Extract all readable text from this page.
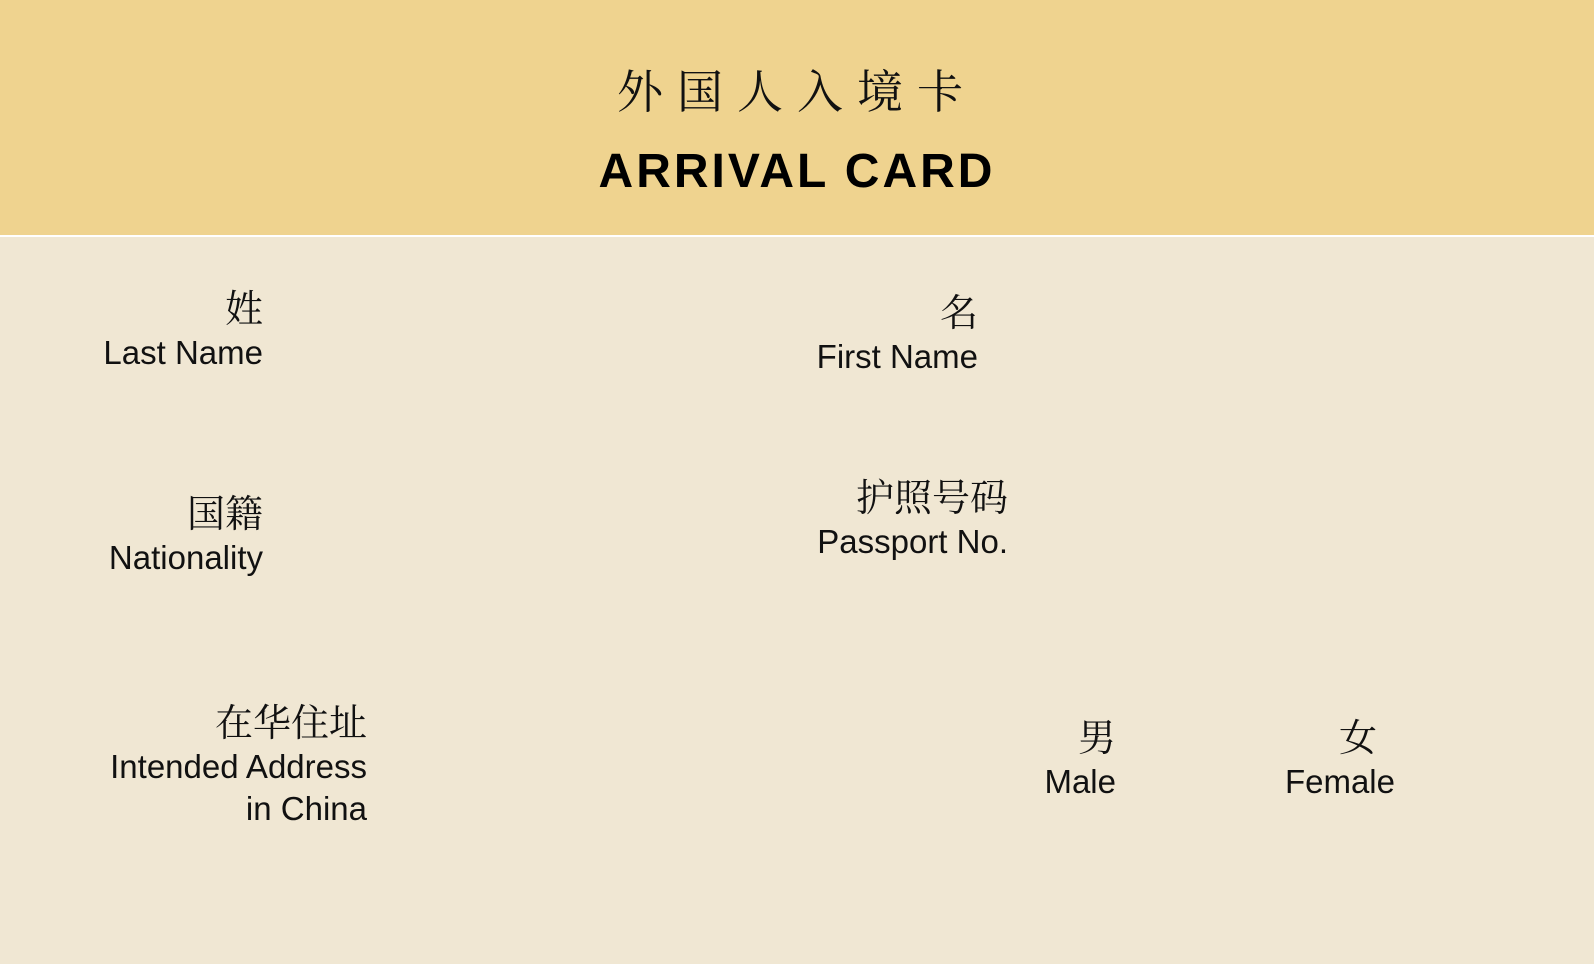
外国人入境卡
ARRIVAL CARD
姓
Last Name
名
First Name
国籍
Nationality
护照号码
Passport No.
在华住址
Intended Address
in China
男
Male
女
Female
